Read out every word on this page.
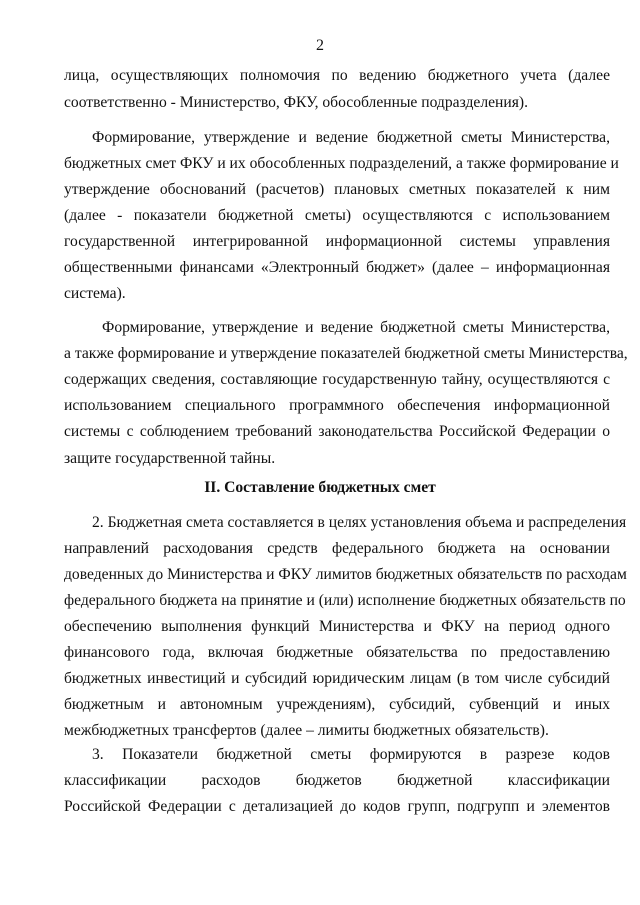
2
лица, осуществляющих полномочия по ведению бюджетного учета (далее
соответственно - Министерство, ФКУ, обособленные подразделения).
Формирование, утверждение и ведение бюджетной сметы Министерства,
бюджетных смет ФКУ и их обособленных подразделений, а также формирование и
утверждение обоснований (расчетов) плановых сметных показателей к ним
(далее - показатели бюджетной сметы) осуществляются с использованием
государственной интегрированной информационной системы управления
общественными финансами «Электронный бюджет» (далее – информационная
система).
Формирование, утверждение и ведение бюджетной сметы Министерства,
а также формирование и утверждение показателей бюджетной сметы Министерства,
содержащих сведения, составляющие государственную тайну, осуществляются с
использованием специального программного обеспечения информационной
системы с соблюдением требований законодательства Российской Федерации о
защите государственной тайны.
II. Составление бюджетных смет
2. Бюджетная смета составляется в целях установления объема и распределения
направлений расходования средств федерального бюджета на основании
доведенных до Министерства и ФКУ лимитов бюджетных обязательств по расходам
федерального бюджета на принятие и (или) исполнение бюджетных обязательств по
обеспечению выполнения функций Министерства и ФКУ на период одного
финансового года, включая бюджетные обязательства по предоставлению
бюджетных инвестиций и субсидий юридическим лицам (в том числе субсидий
бюджетным и автономным учреждениям), субсидий, субвенций и иных
межбюджетных трансфертов (далее – лимиты бюджетных обязательств).
3. Показатели бюджетной сметы формируются в разрезе кодов
классификации расходов бюджетов бюджетной классификации
Российской Федерации с детализацией до кодов групп, подгрупп и элементов
